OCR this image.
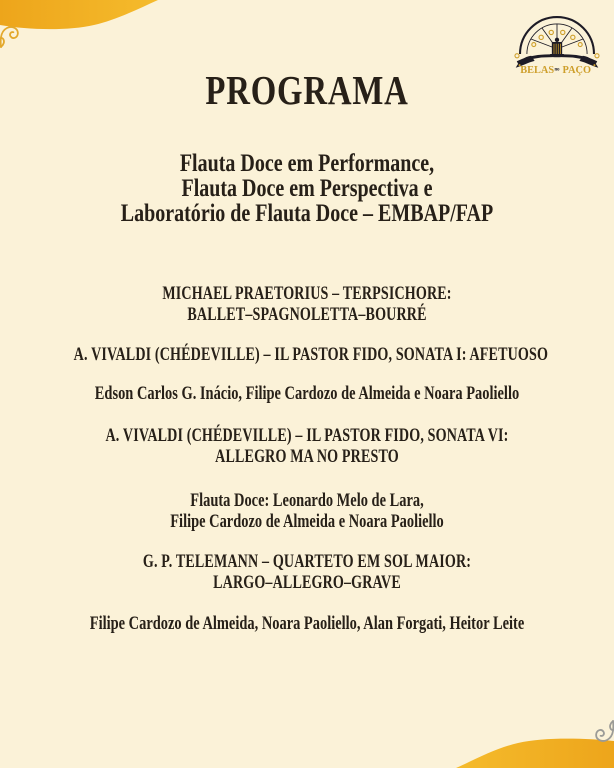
BELAS no PAÇO
PROGRAMA
Flauta Doce em Performance,
Flauta Doce em Perspectiva e
Laboratório de Flauta Doce – EMBAP/FAP
MICHAEL PRAETORIUS – TERPSICHORE:
BALLET–SPAGNOLETTA–BOURRÉ
A. VIVALDI (CHÉDEVILLE) – IL PASTOR FIDO, SONATA I: AFETUOSO
Edson Carlos G. Inácio, Filipe Cardozo de Almeida e Noara Paoliello
A. VIVALDI (CHÉDEVILLE) – IL PASTOR FIDO, SONATA VI:
ALLEGRO MA NO PRESTO
Flauta Doce: Leonardo Melo de Lara,
Filipe Cardozo de Almeida e Noara Paoliello
G. P. TELEMANN – QUARTETO EM SOL MAIOR:
LARGO–ALLEGRO–GRAVE
Filipe Cardozo de Almeida, Noara Paoliello, Alan Forgati, Heitor Leite
